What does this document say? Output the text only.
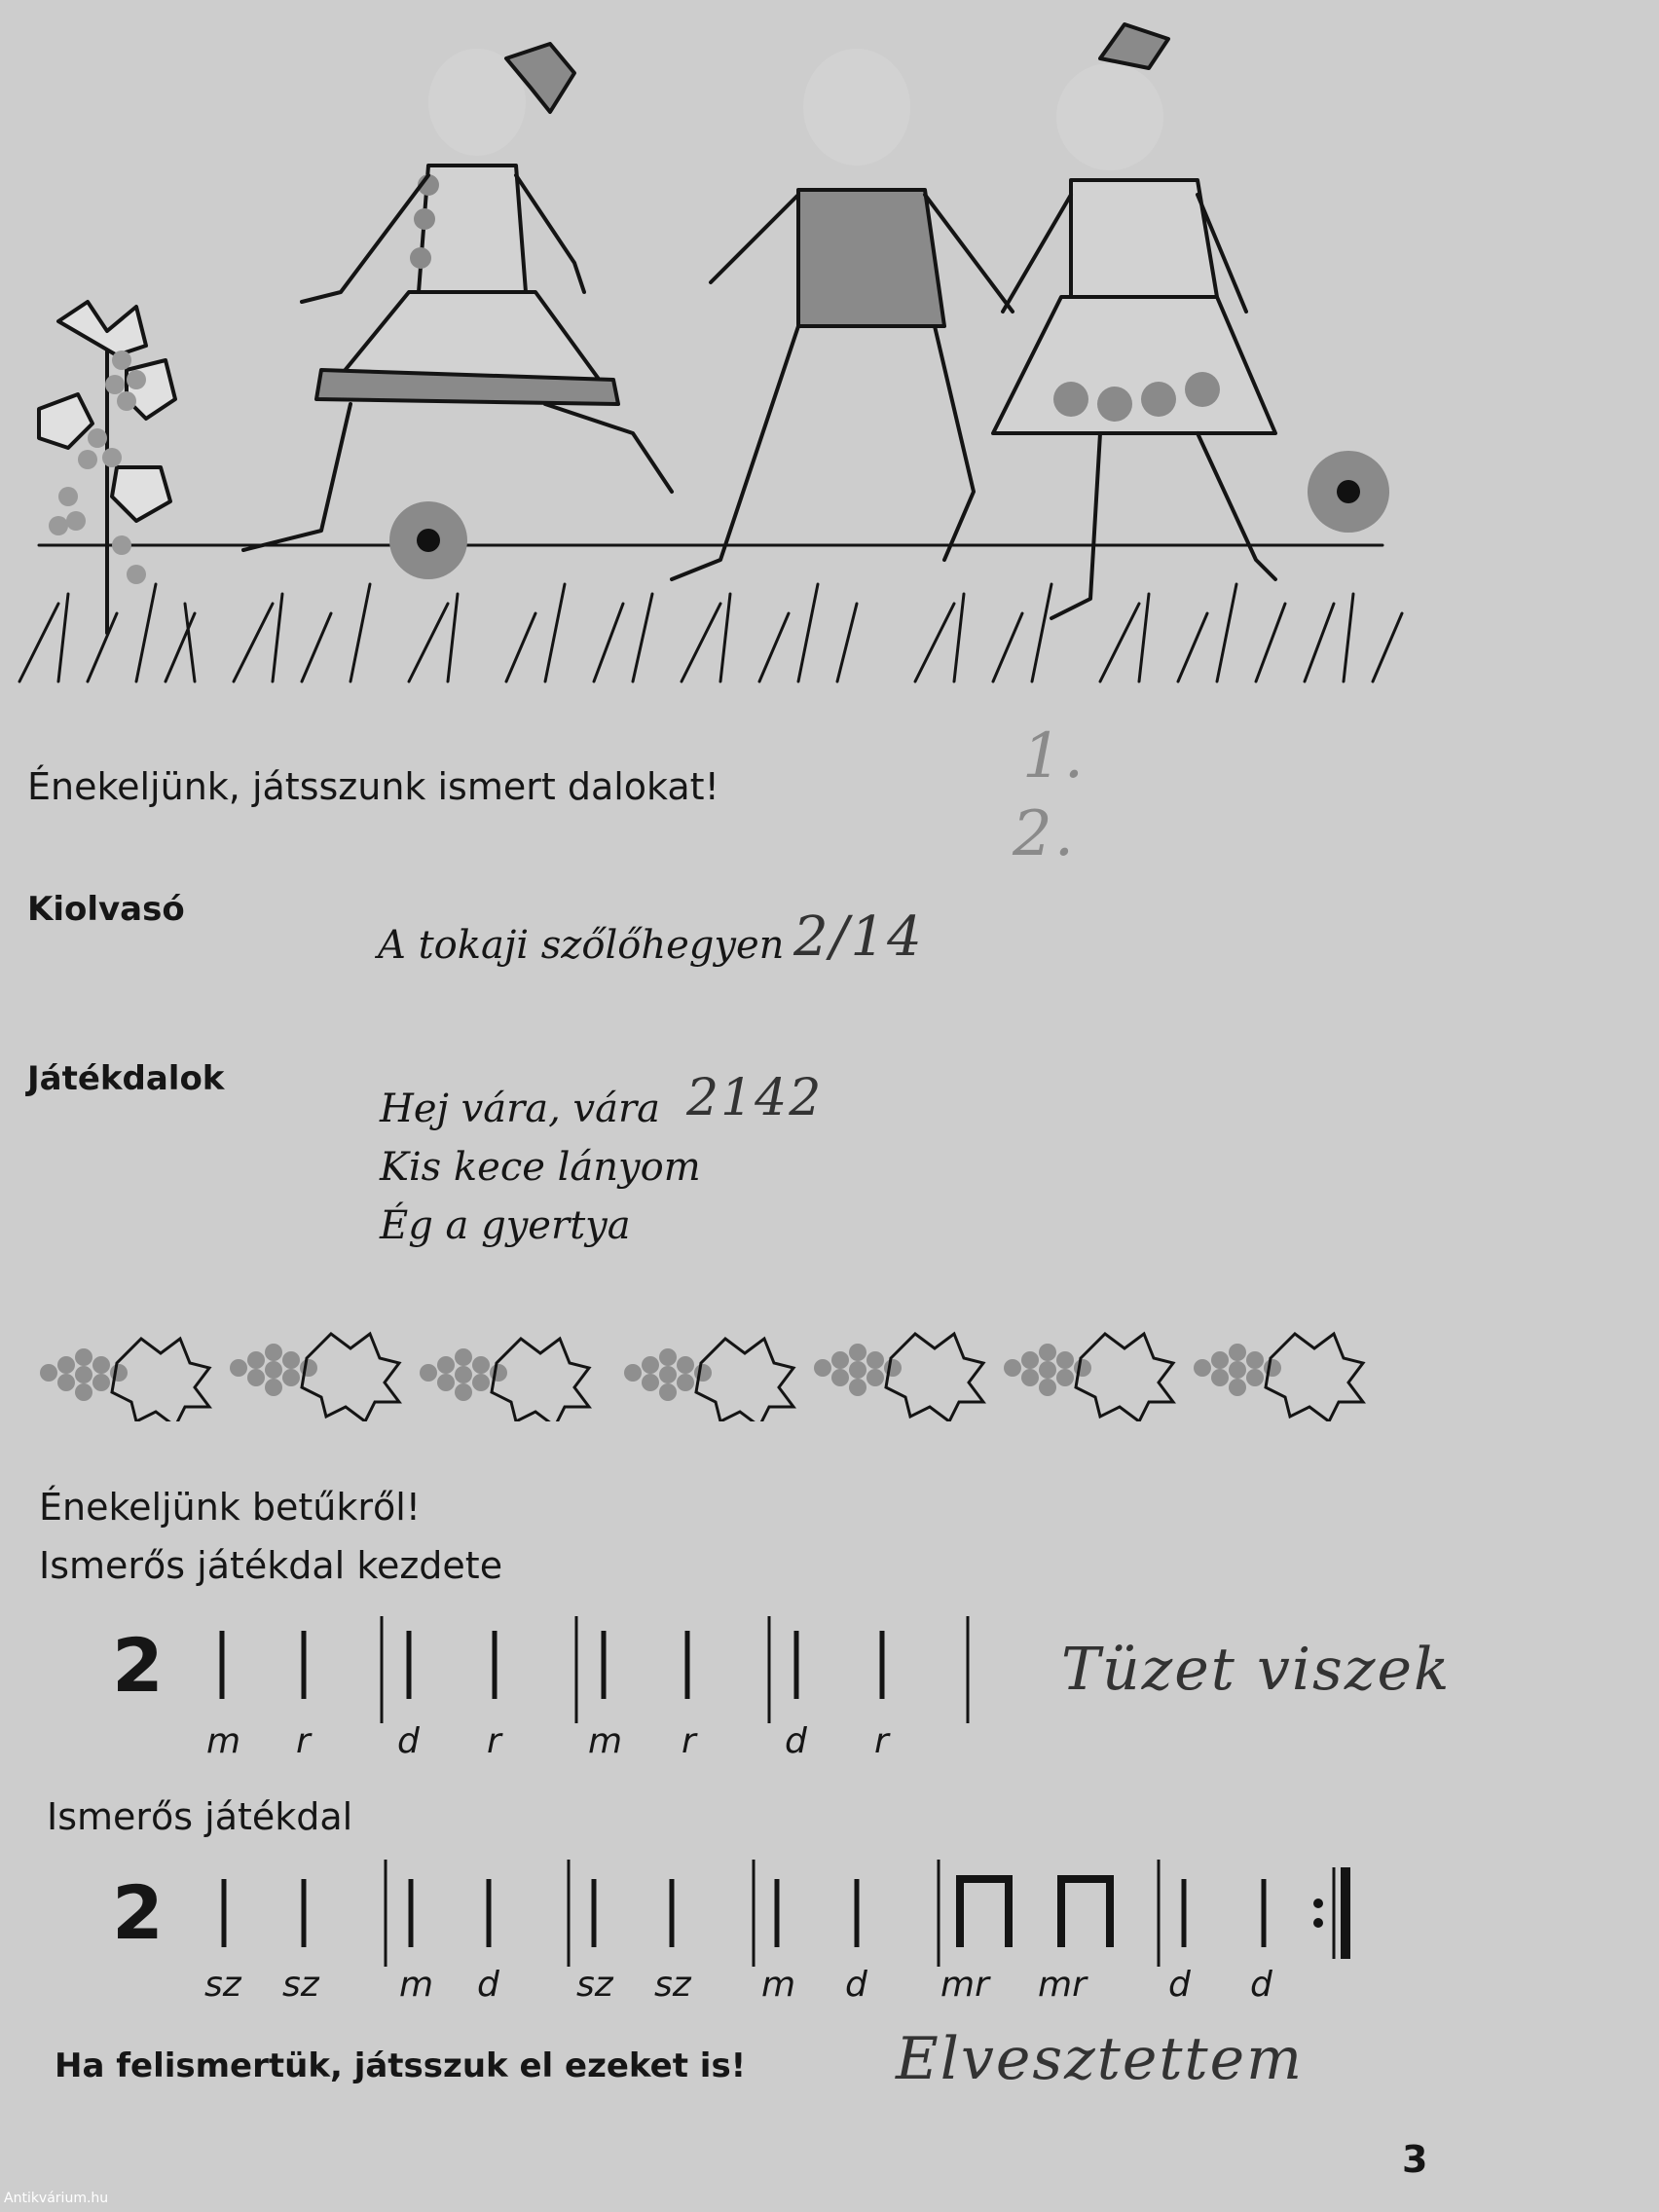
Énekeljünk, játsszunk ismert dalokat!	1.
2.
Kiolvasó
A tokaji szőlőhegyen 2/14
Játékdalok
Hej vára, vára 2142
Kis kece lányom
Ég a gyertya
Énekeljünk betűkről!
Ismerős játékdal kezdete
2
m r d r m r	d r
Tüzet viszek
Ismerős játékdal
2
sz sz m d sz sz m d mr mr d d
Ha felismertük, játsszuk el ezeket is!	Elvesztettem
3
Antikvárium.hu
